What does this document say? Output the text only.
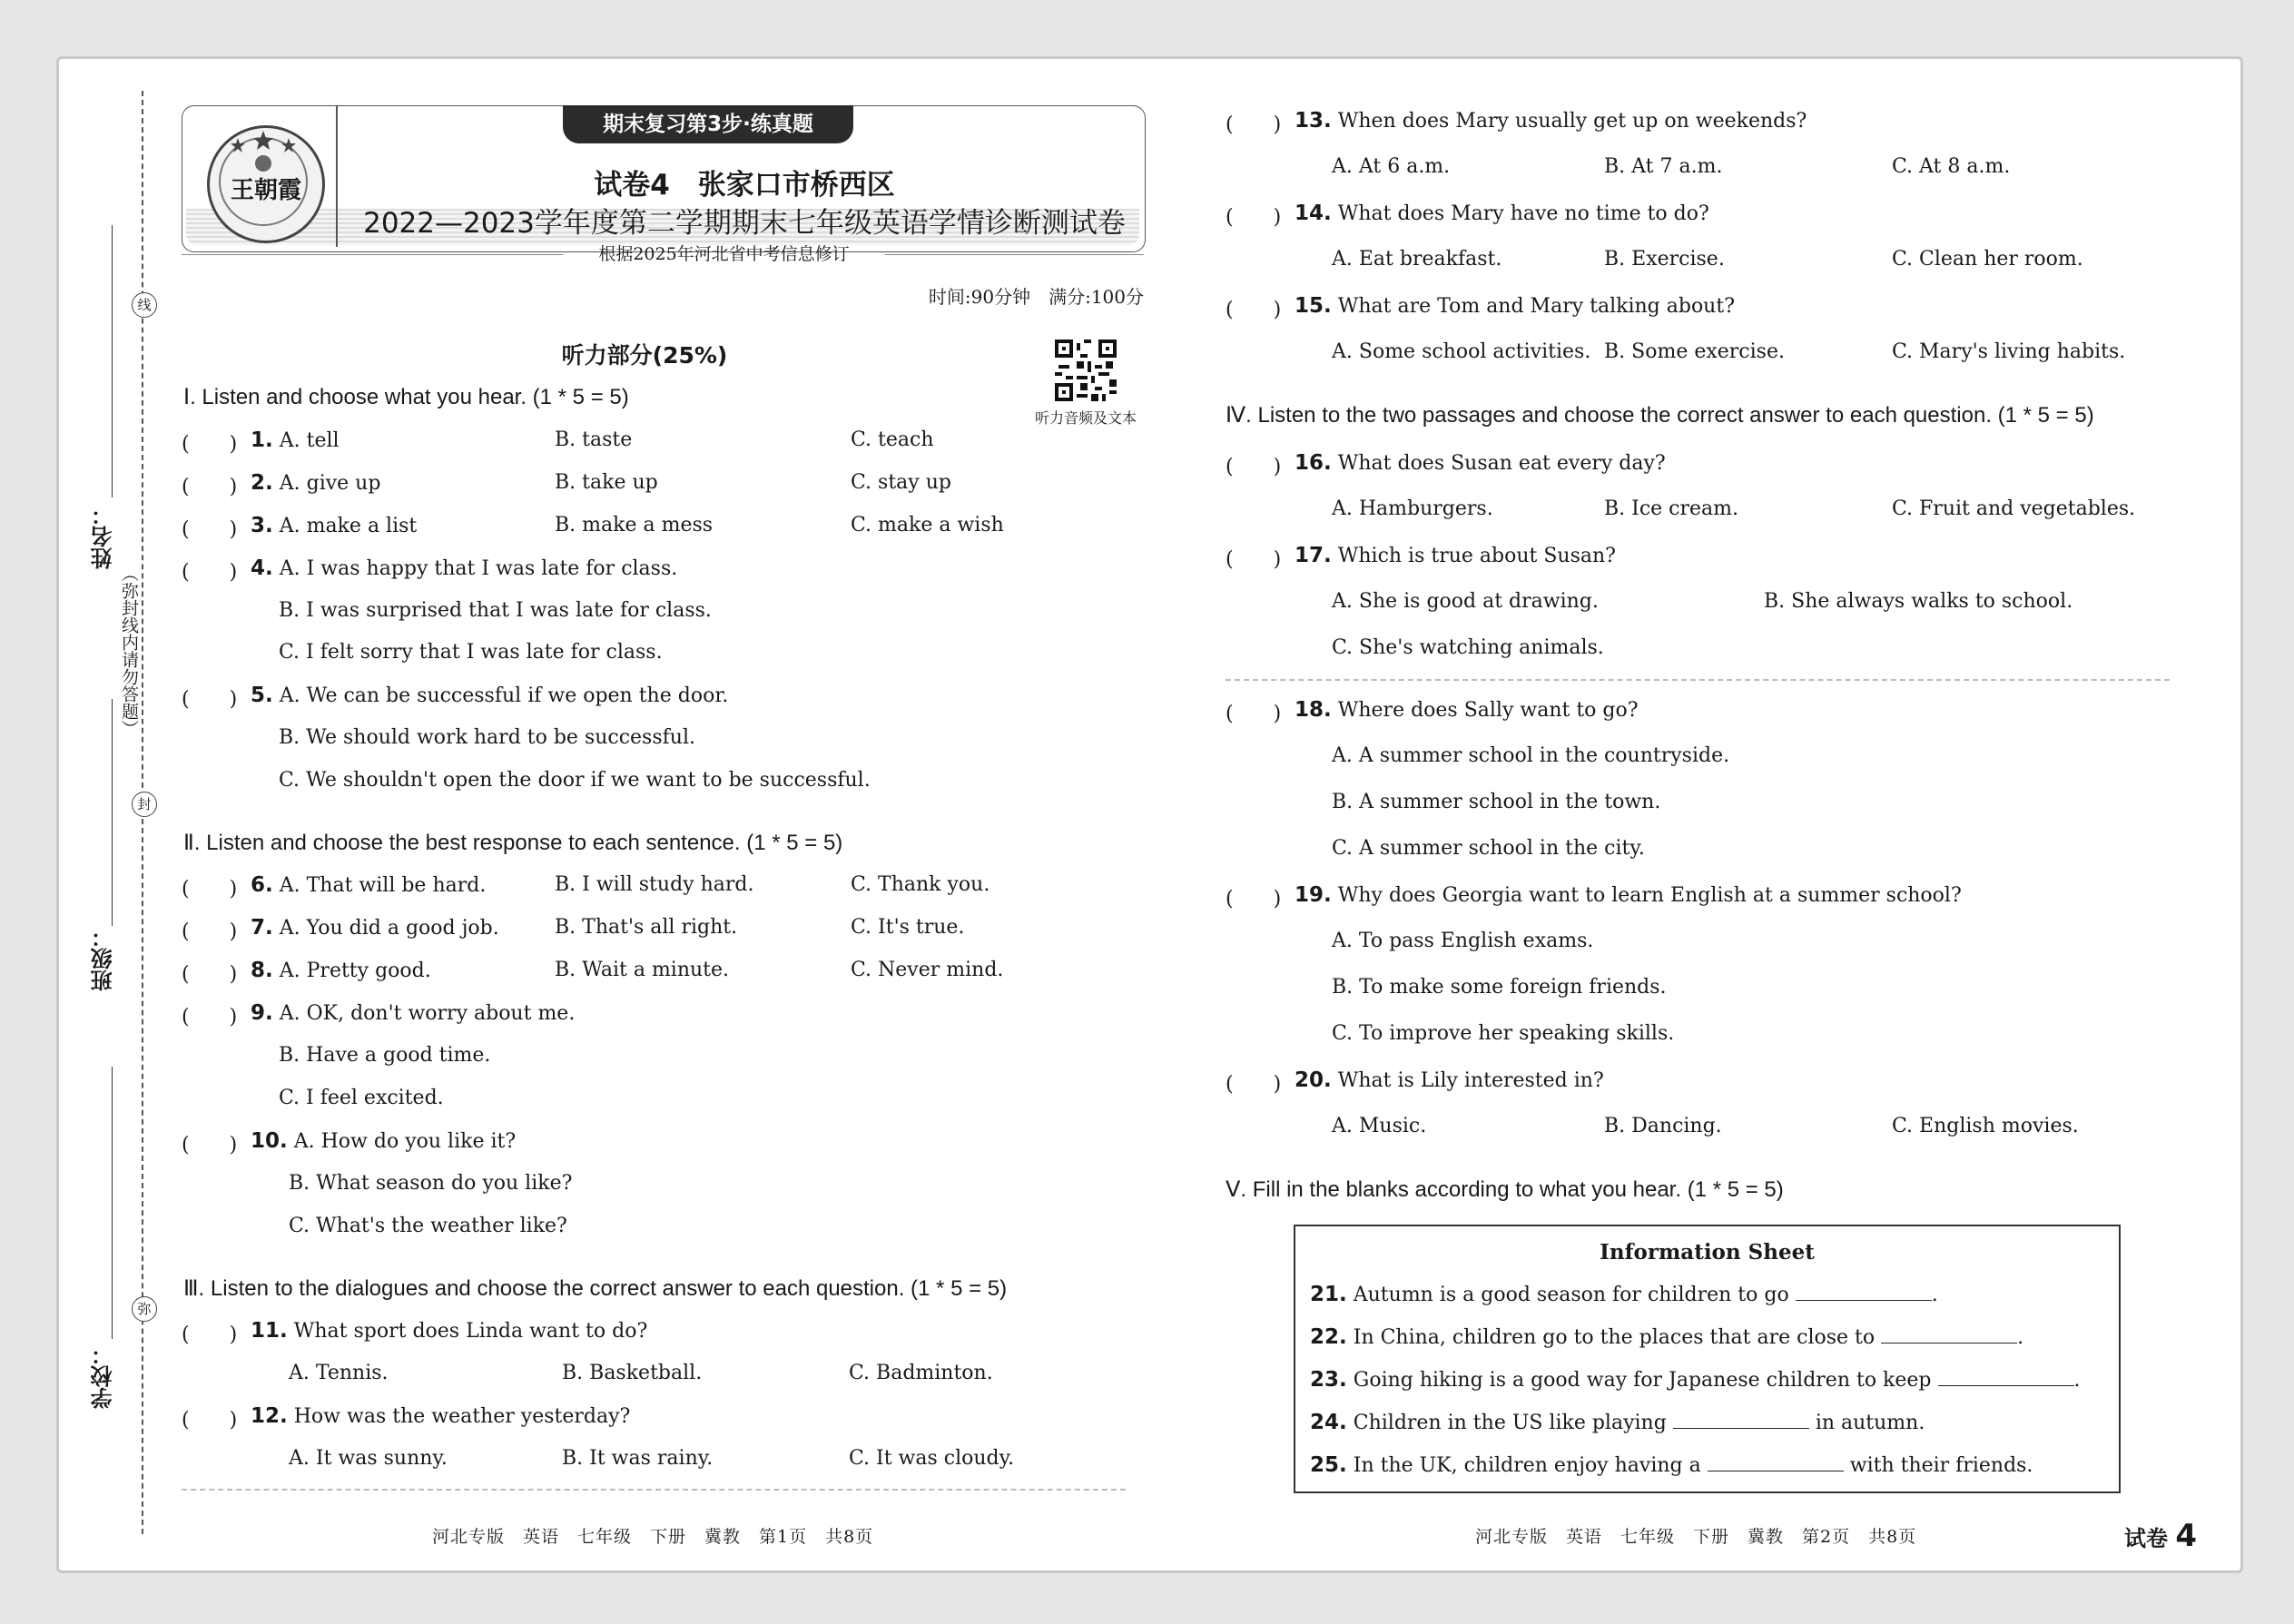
线
封
弥
（弥封线内请勿答题）
姓名：
班级：
学校：
期末复习第3步·练真题
王朝霞	试卷4　张家口市桥西区
2022—2023学年度第二学期期末七年级英语学情诊断测试卷
根据2025年河北省中考信息修订
时间:90分钟　满分:100分
听力音频及文本
听力部分(25%)
Ⅰ. Listen and choose what you hear. (1 * 5 = 5)
(　　) 1. A. tell	B. taste	C. teach
(　　) 2. A. give up	B. take up	C. stay up
(　　) 3. A. make a list	B. make a mess	C. make a wish
(　　) 4. A. I was happy that I was late for class.
B. I was surprised that I was late for class.
C. I felt sorry that I was late for class.
(　　) 5. A. We can be successful if we open the door.
B. We should work hard to be successful.
C. We shouldn't open the door if we want to be successful.
Ⅱ. Listen and choose the best response to each sentence. (1 * 5 = 5)
(　　) 6. A. That will be hard.	B. I will study hard.	C. Thank you.
(　　) 7. A. You did a good job.	B. That's all right.	C. It's true.
(　　) 8. A. Pretty good.	B. Wait a minute.	C. Never mind.
(　　) 9. A. OK, don't worry about me.
B. Have a good time.
C. I feel excited.
(　　) 10. A. How do you like it?
B. What season do you like?
C. What's the weather like?
Ⅲ. Listen to the dialogues and choose the correct answer to each question. (1 * 5 = 5)
(　　) 11. What sport does Linda want to do?
A. Tennis.	B. Basketball.	C. Badminton.
(　　) 12. How was the weather yesterday?
A. It was sunny.	B. It was rainy.	C. It was cloudy.
河北专版　英语　七年级　下册　冀教　第1页　共8页
(　　) 13. When does Mary usually get up on weekends?
A. At 6 a.m.	B. At 7 a.m.	C. At 8 a.m.
(　　) 14. What does Mary have no time to do?
A. Eat breakfast.	B. Exercise.	C. Clean her room.
(　　) 15. What are Tom and Mary talking about?
A. Some school activities. B. Some exercise.	C. Mary's living habits.
Ⅳ. Listen to the two passages and choose the correct answer to each question. (1 * 5 = 5)
(　　) 16. What does Susan eat every day?
A. Hamburgers.	B. Ice cream.	C. Fruit and vegetables.
(　　) 17. Which is true about Susan?
A. She is good at drawing.	B. She always walks to school.
C. She's watching animals.
(　　) 18. Where does Sally want to go?
A. A summer school in the countryside.
B. A summer school in the town.
C. A summer school in the city.
(　　) 19. Why does Georgia want to learn English at a summer school?
A. To pass English exams.
B. To make some foreign friends.
C. To improve her speaking skills.
(　　) 20. What is Lily interested in?
A. Music.	B. Dancing.	C. English movies.
Ⅴ. Fill in the blanks according to what you hear. (1 * 5 = 5)
Information Sheet
21. Autumn is a good season for children to go	.
22. In China, children go to the places that are close to	.
23. Going hiking is a good way for Japanese children to keep	.
24. Children in the US like playing	in autumn.
25. In the UK, children enjoy having a	with their friends.
河北专版　英语　七年级　下册　冀教　第2页　共8页	试卷 4
